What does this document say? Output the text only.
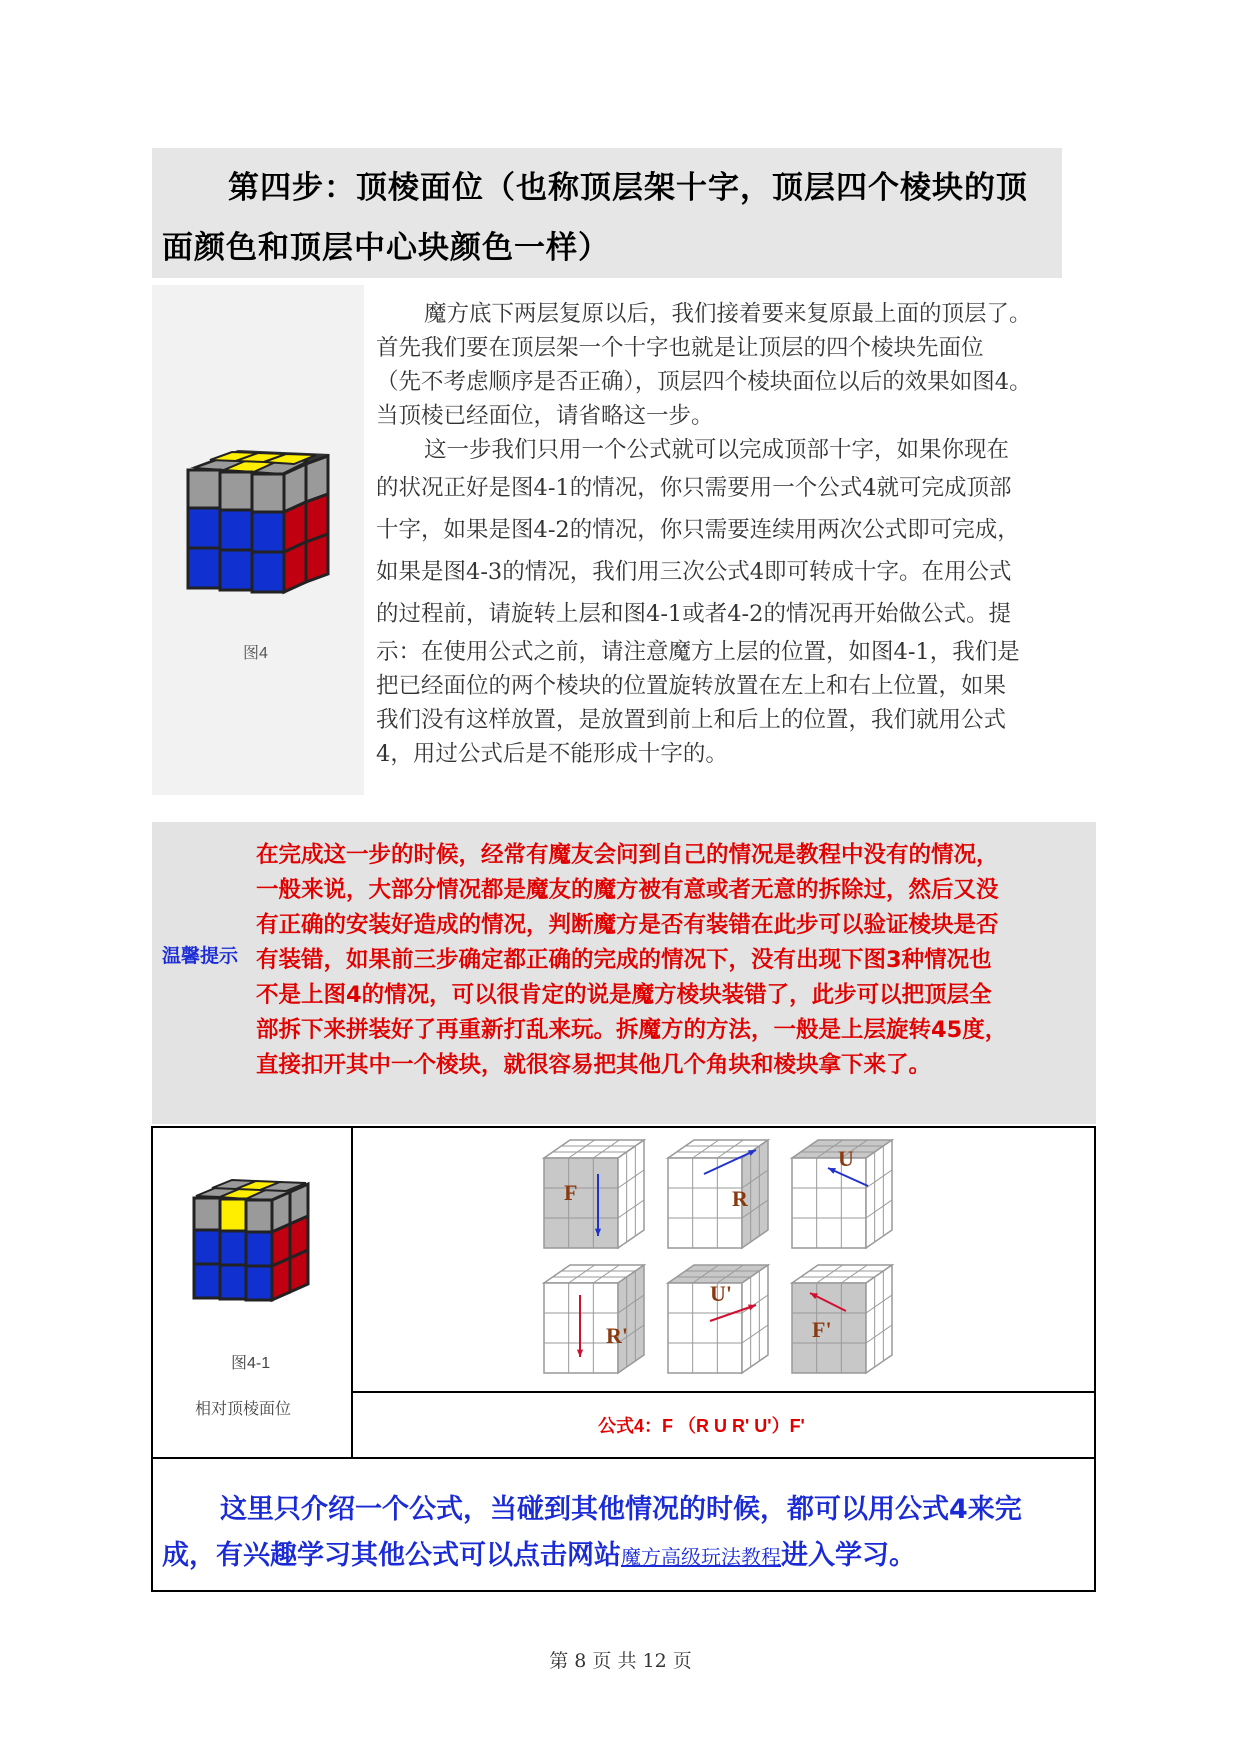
第四步：顶棱面位（也称顶层架十字，顶层四个棱块的顶
面颜色和顶层中心块颜色一样）
图4

魔方底下两层复原以后，我们接着要来复原最上面的顶层了。

首先我们要在顶层架一个十字也就是让顶层的四个棱块先面位

（先不考虑顺序是否正确），顶层四个棱块面位以后的效果如图4。

当顶棱已经面位，请省略这一步。

这一步我们只用一个公式就可以完成顶部十字，如果你现在

的状况正好是图4-1的情况，你只需要用一个公式4就可完成顶部

十字，如果是图4-2的情况，你只需要连续用两次公式即可完成，

如果是图4-3的情况，我们用三次公式4即可转成十字。在用公式

的过程前，请旋转上层和图4-1或者4-2的情况再开始做公式。提

示：在使用公式之前，请注意魔方上层的位置，如图4-1，我们是

把已经面位的两个棱块的位置旋转放置在左上和右上位置，如果

我们没有这样放置，是放置到前上和后上的位置，我们就用公式

4，用过公式后是不能形成十字的。

温馨提示
在完成这一步的时候，经常有魔友会问到自己的情况是教程中没有的情况，
一般来说，大部分情况都是魔友的魔方被有意或者无意的拆除过，然后又没
有正确的安装好造成的情况，判断魔方是否有装错在此步可以验证棱块是否
有装错，如果前三步确定都正确的完成的情况下，没有出现下图3种情况也
不是上图4的情况，可以很肯定的说是魔方棱块装错了，此步可以把顶层全
部拆下来拼装好了再重新打乱来玩。拆魔方的方法，一般是上层旋转45度，
直接扣开其中一个棱块，就很容易把其他几个角块和棱块拿下来了。
图4-1
相对顶棱面位
F	R
U
R'
U'
F'
公式4：F （R U R' U'）F'
这里只介绍一个公式，当碰到其他情况的时候，都可以用公式4来完
成，有兴趣学习其他公式可以点击网站魔方高级玩法教程进入学习。
第 8 页 共 12 页
